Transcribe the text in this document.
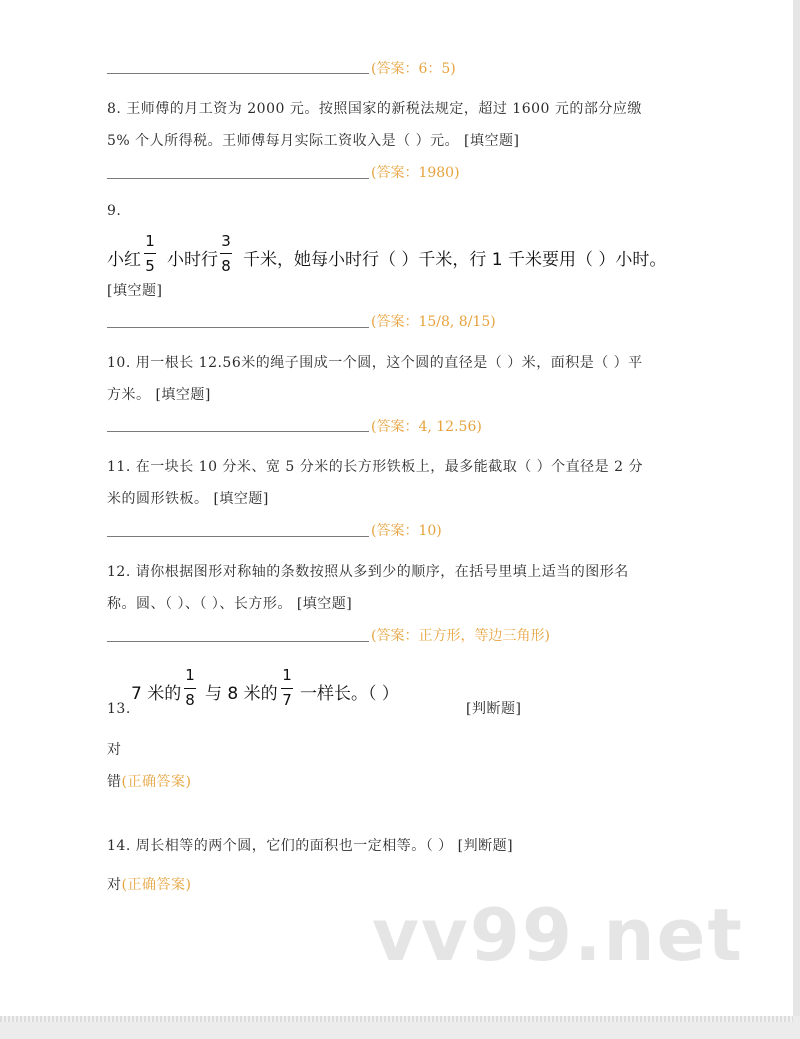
(答案：6：5)
8. 王师傅的月工资为 2000 元。按照国家的新税法规定，超过 1600 元的部分应缴
5% 个人所得税。王师傅每月实际工资收入是（ ）元。 [填空题]
(答案：1980)
9.
小红
1
5 小时行
3
8 千米，她每小时行（ ）千米，行 1 千米要用（ ）小时。
[填空题]
(答案：15/8, 8/15)
10. 用一根长 12.56米的绳子围成一个圆，这个圆的直径是（ ）米，面积是（ ）平
方米。 [填空题]
(答案：4, 12.56)
11. 在一块长 10 分米、宽 5 分米的长方形铁板上，最多能截取（ ）个直径是 2 分
米的圆形铁板。 [填空题]
(答案：10)
12. 请你根据图形对称轴的条数按照从多到少的顺序，在括号里填上适当的图形名
称。圆、（ ）、（ ）、长方形。 [填空题]
(答案：正方形，等边三角形)
7 米的
1
8 与 8 米的
1
7 一样长。（ ）
13.	[判断题]
对
错(正确答案)
14. 周长相等的两个圆，它们的面积也一定相等。（ ） [判断题]
对(正确答案)
vv99.net
